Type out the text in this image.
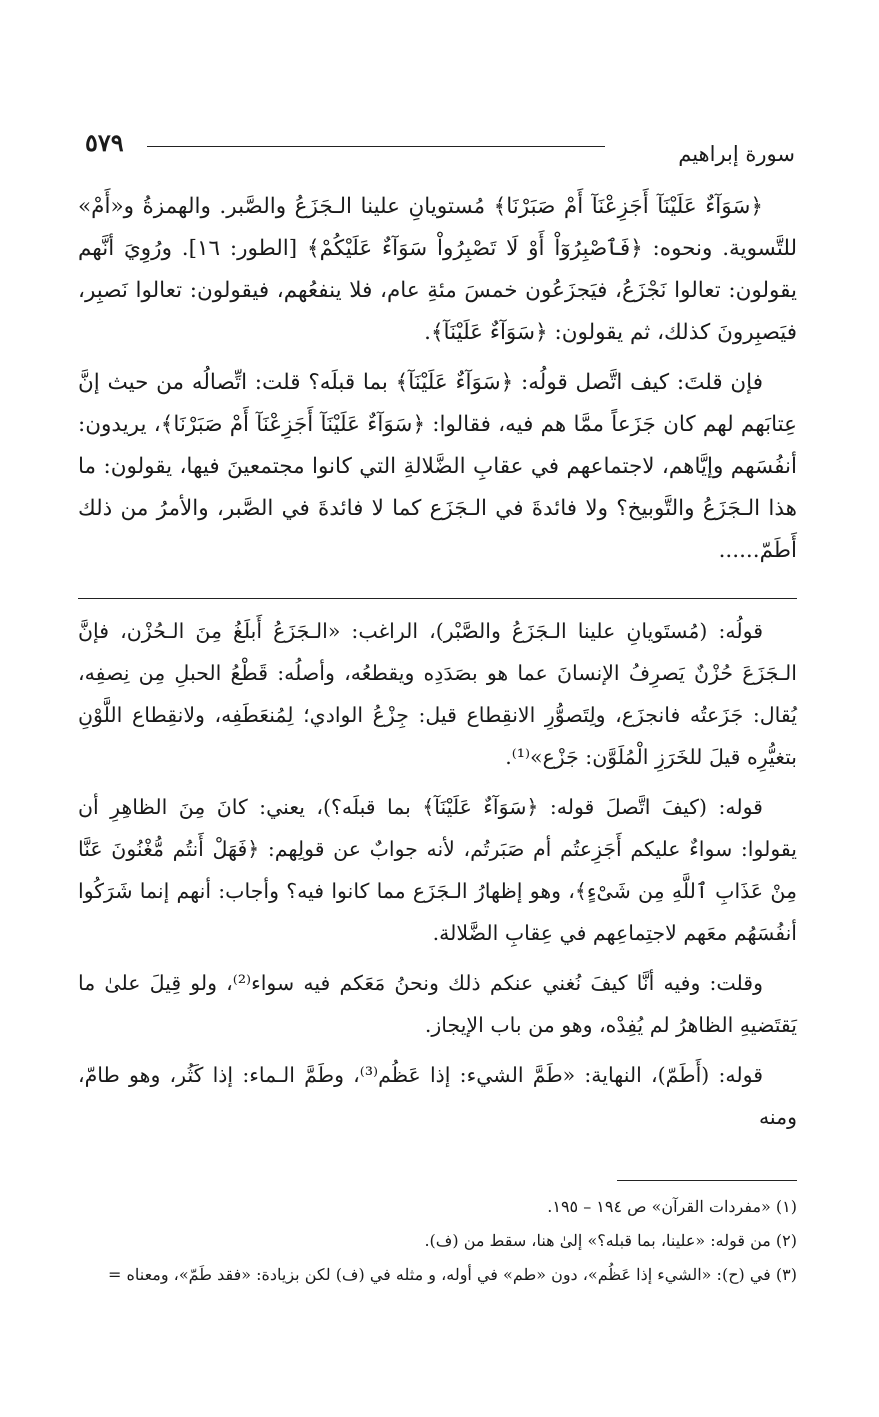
٥٧٩	سورة إبراهيم

﴿سَوَآءٌ عَلَيْنَآ أَجَزِعْنَآ أَمْ صَبَرْنَا﴾ مُستويانِ علينا الـجَزَعُ والصَّبر. والهمزةُ و«أَمْ» للتَّسوية. ونحوه: ﴿فَٱصْبِرُوٓاْ أَوْ لَا تَصْبِرُواْ سَوَآءٌ عَلَيْكُمْ﴾ [الطور: ١٦]. ورُوِيَ أنَّهم يقولون: تعالوا نَجْزَعُ، فيَجزَعُون خمسَ مئةِ عام، فلا ينفعُهم، فيقولون: تعالوا نَصبِر، فيَصبِرونَ كذلك، ثم يقولون: ﴿سَوَآءٌ عَلَيْنَآ﴾.

فإن قلتَ: كيف اتَّصل قولُه: ﴿سَوَآءٌ عَلَيْنَآ﴾ بما قبلَه؟ قلت: اتِّصالُه من حيث إنَّ عِتابَهم لهم كان جَزَعاً ممَّا هم فيه، فقالوا: ﴿سَوَآءٌ عَلَيْنَآ أَجَزِعْنَآ أَمْ صَبَرْنَا﴾، يريدون: أنفُسَهم وإيَّاهم، لاجتماعهم في عقابِ الضَّلالةِ التي كانوا مجتمعينَ فيها، يقولون: ما هذا الـجَزَعُ والتَّوبيخ؟ ولا فائدةَ في الـجَزَع كما لا فائدةَ في الصَّبر، والأمرُ من ذلك أَطَمّ......

قولُه: (مُستَويانِ علينا الـجَزَعُ والصَّبْر)، الراغب: «الـجَزَعُ أَبلَغُ مِنَ الـحُزْن، فإنَّ الـجَزَعَ حُزْنٌ يَصرِفُ الإنسانَ عما هو بصَدَدِه ويقطعُه، وأصلُه: قَطْعُ الحبلِ مِن نِصفِه، يُقال: جَزَعتُه فانجزَع، ولِتَصوُّرِ الانقِطاع قيل: جِزْعُ الوادي؛ لِمُنعَطَفِه، ولانقِطاع اللَّوْنِ بتغيُّرِه قيلَ للخَرَزِ الْمُلَوَّن: جَزْع»⁽¹⁾.

قوله: (كيفَ اتَّصلَ قوله: ﴿سَوَآءٌ عَلَيْنَآ﴾ بما قبلَه؟)، يعني: كانَ مِنَ الظاهِرِ أن يقولوا: سواءٌ عليكم أَجَزِعتُم أم صَبَرتُم، لأنه جوابٌ عن قولِهم: ﴿فَهَلْ أَنتُم مُّغْنُونَ عَنَّا مِنْ عَذَابِ ٱللَّهِ مِن شَىْءٍ﴾، وهو إظهارُ الـجَزَع مما كانوا فيه؟ وأجاب: أنهم إنما شَرَكُوا أنفُسَهُم معَهم لاجتِماعِهم في عِقابِ الضَّلالة.

وقلت: وفيه أنَّا كيفَ نُغني عنكم ذلك ونحنُ مَعَكم فيه سواء⁽²⁾، ولو قِيلَ علىٰ ما يَقتَضيهِ الظاهرُ لم يُفِدْه، وهو من باب الإيجاز.

قوله: (أَطَمّ)، النهاية: «طَمَّ الشيء: إذا عَظُم⁽³⁾، وطَمَّ الـماء: إذا كَثُر، وهو طامّ، ومنه

(١) «مفردات القرآن» ص ١٩٤ – ١٩٥.

(٢) من قوله: «علينا، بما قبله؟» إلىٰ هنا، سقط من (ف).

(٣) في (ح): «الشيء إذا عَظُم»، دون «طم» في أوله، و مثله في (ف) لكن بزيادة: «فقد طَمّ»، ومعناه =
